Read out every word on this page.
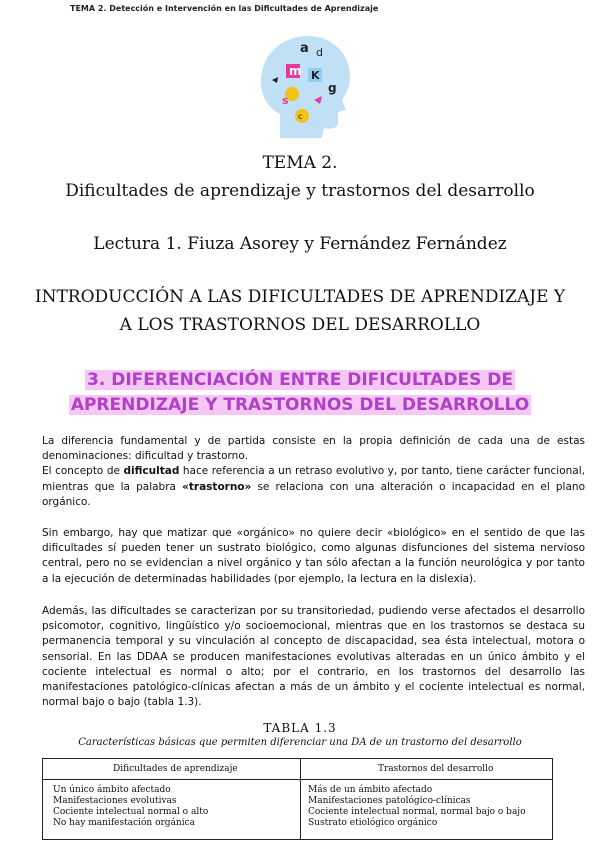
TEMA 2. Detección e Intervención en las Dificultades de Aprendizaje
a d
m K
g
s
c
TEMA 2.
Dificultades de aprendizaje y trastornos del desarrollo
Lectura 1. Fiuza Asorey y Fernández Fernández
INTRODUCCIÓN A LAS DIFICULTADES DE APRENDIZAJE Y A LOS TRASTORNOS DEL DESARROLLO
3. DIFERENCIACIÓN ENTRE DIFICULTADES DE
APRENDIZAJE Y TRASTORNOS DEL DESARROLLO

La diferencia fundamental y de partida consiste en la propia definición de cada una de estas denominaciones: dificultad y trastorno.

El concepto de dificultad hace referencia a un retraso evolutivo y, por tanto, tiene carácter funcional, mientras que la palabra «trastorno» se relaciona con una alteración o incapacidad en el plano orgánico.

Sin embargo, hay que matizar que «orgánico» no quiere decir «biológico» en el sentido de que las dificultades sí pueden tener un sustrato biológico, como algunas disfunciones del sistema nervioso central, pero no se evidencian a nivel orgánico y tan sólo afectan a la función neurológica y por tanto a la ejecución de determinadas habilidades (por ejemplo, la lectura en la dislexia).

Además, las dificultades se caracterizan por su transitoriedad, pudiendo verse afectados el desarrollo psicomotor, cognitivo, lingüístico y/o socioemocional, mientras que en los trastornos se destaca su permanencia temporal y su vinculación al concepto de discapacidad, sea ésta intelectual, motora o sensorial. En las DDAA se producen manifestaciones evolutivas alteradas en un único ámbito y el cociente intelectual es normal o alto; por el contrario, en los trastornos del desarrollo las manifestaciones patológico-clínicas afectan a más de un ámbito y el cociente intelectual es normal, normal bajo o bajo (tabla 1.3).

TABLA 1.3
Características básicas que permiten diferenciar una DA de un trastorno del desarrollo
Dificultades de aprendizaje	Trastornos del desarrollo
Un único ámbito afectado
Manifestaciones evolutivas
Cociente intelectual normal o alto
No hay manifestación orgánica
Más de un ámbito afectado
Manifestaciones patológico-clínicas
Cociente intelectual normal, normal bajo o bajo
Sustrato etiológico orgánico
